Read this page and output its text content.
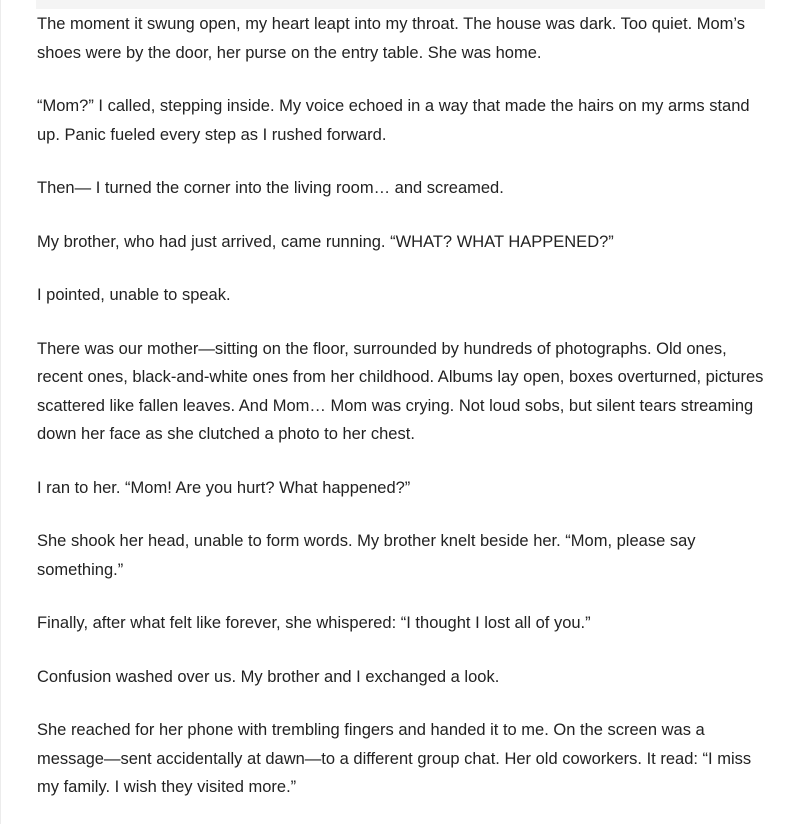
The moment it swung open, my heart leapt into my throat. The house was dark. Too quiet. Mom’s shoes were by the door, her purse on the entry table. She was home.

“Mom?” I called, stepping inside. My voice echoed in a way that made the hairs on my arms stand up. Panic fueled every step as I rushed forward.

Then— I turned the corner into the living room… and screamed.

My brother, who had just arrived, came running. “WHAT? WHAT HAPPENED?”

I pointed, unable to speak.

There was our mother—sitting on the floor, surrounded by hundreds of photographs. Old ones, recent ones, black-and-white ones from her childhood. Albums lay open, boxes overturned, pictures scattered like fallen leaves. And Mom… Mom was crying. Not loud sobs, but silent tears streaming down her face as she clutched a photo to her chest.

I ran to her. “Mom! Are you hurt? What happened?”

She shook her head, unable to form words. My brother knelt beside her. “Mom, please say something.”

Finally, after what felt like forever, she whispered: “I thought I lost all of you.”

Confusion washed over us. My brother and I exchanged a look.

She reached for her phone with trembling fingers and handed it to me. On the screen was a message—sent accidentally at dawn—to a different group chat. Her old coworkers. It read: “I miss my family. I wish they visited more.”
